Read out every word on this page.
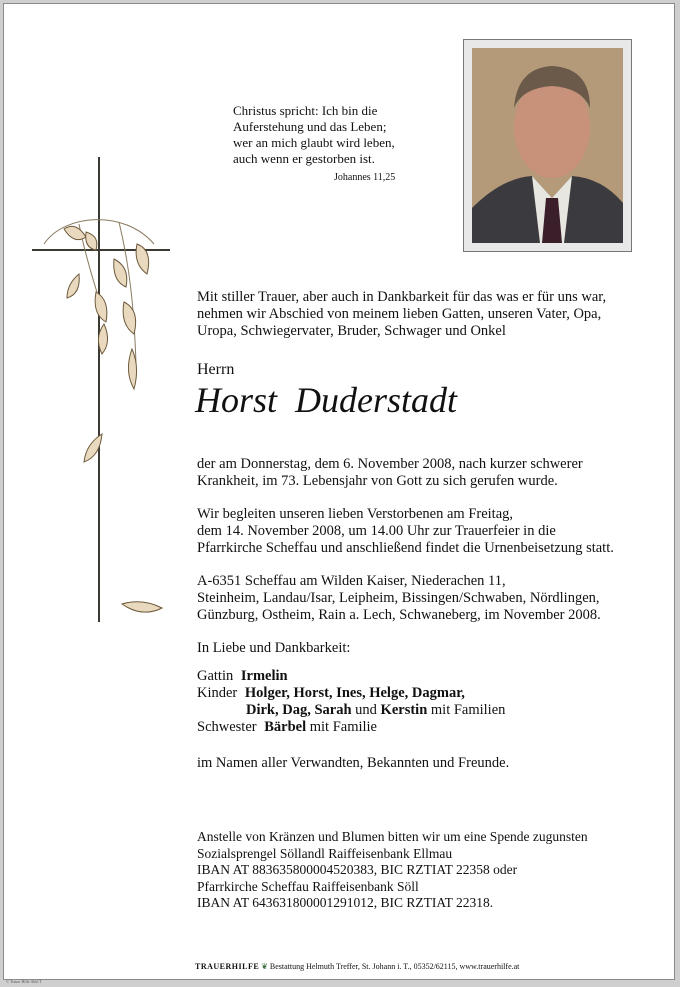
Christus spricht: Ich bin die
Auferstehung und das Leben;
wer an mich glaubt wird leben,
auch wenn er gestorben ist.
Johannes 11,25
Mit stiller Trauer, aber auch in Dankbarkeit für das was er für uns war,
nehmen wir Abschied von meinem lieben Gatten, unseren Vater, Opa,
Uropa, Schwiegervater, Bruder, Schwager und Onkel
Herrn
Horst  Duderstadt
der am Donnerstag, dem 6. November 2008, nach kurzer schwerer
Krankheit, im 73. Lebensjahr von Gott zu sich gerufen wurde.
Wir begleiten unseren lieben Verstorbenen am Freitag,
dem 14. November 2008, um 14.00 Uhr zur Trauerfeier in die
Pfarrkirche Scheffau und anschließend findet die Urnenbeisetzung statt.
A-6351 Scheffau am Wilden Kaiser, Niederachen 11,
Steinheim, Landau/Isar, Leipheim, Bissingen/Schwaben, Nördlingen,
Günzburg, Ostheim, Rain a. Lech, Schwaneberg, im November 2008.
In Liebe und Dankbarkeit:
Gattin
Irmelin
Kinder
Holger, Horst, Ines, Helge, Dagmar,
Dirk, Dag, Sarah
und
Kerstin
mit Familien
Schwester
Bärbel
mit Familie
im Namen aller Verwandten, Bekannten und Freunde.
Anstelle von Kränzen und Blumen bitten wir um eine Spende zugunsten
Sozialsprengel Söllandl Raiffeisenbank Ellmau
IBAN AT 883635800004520383, BIC RZTIAT 22358 oder
Pfarrkirche Scheffau Raiffeisenbank Söll
IBAN AT 643631800001291012, BIC RZTIAT 22318.
TRAUERHILFE ❦ Bestattung Helmuth Treffer, St. Johann i. T., 05352/62115, www.trauerhilfe.at
© Trauer Hilfe Ablö T
